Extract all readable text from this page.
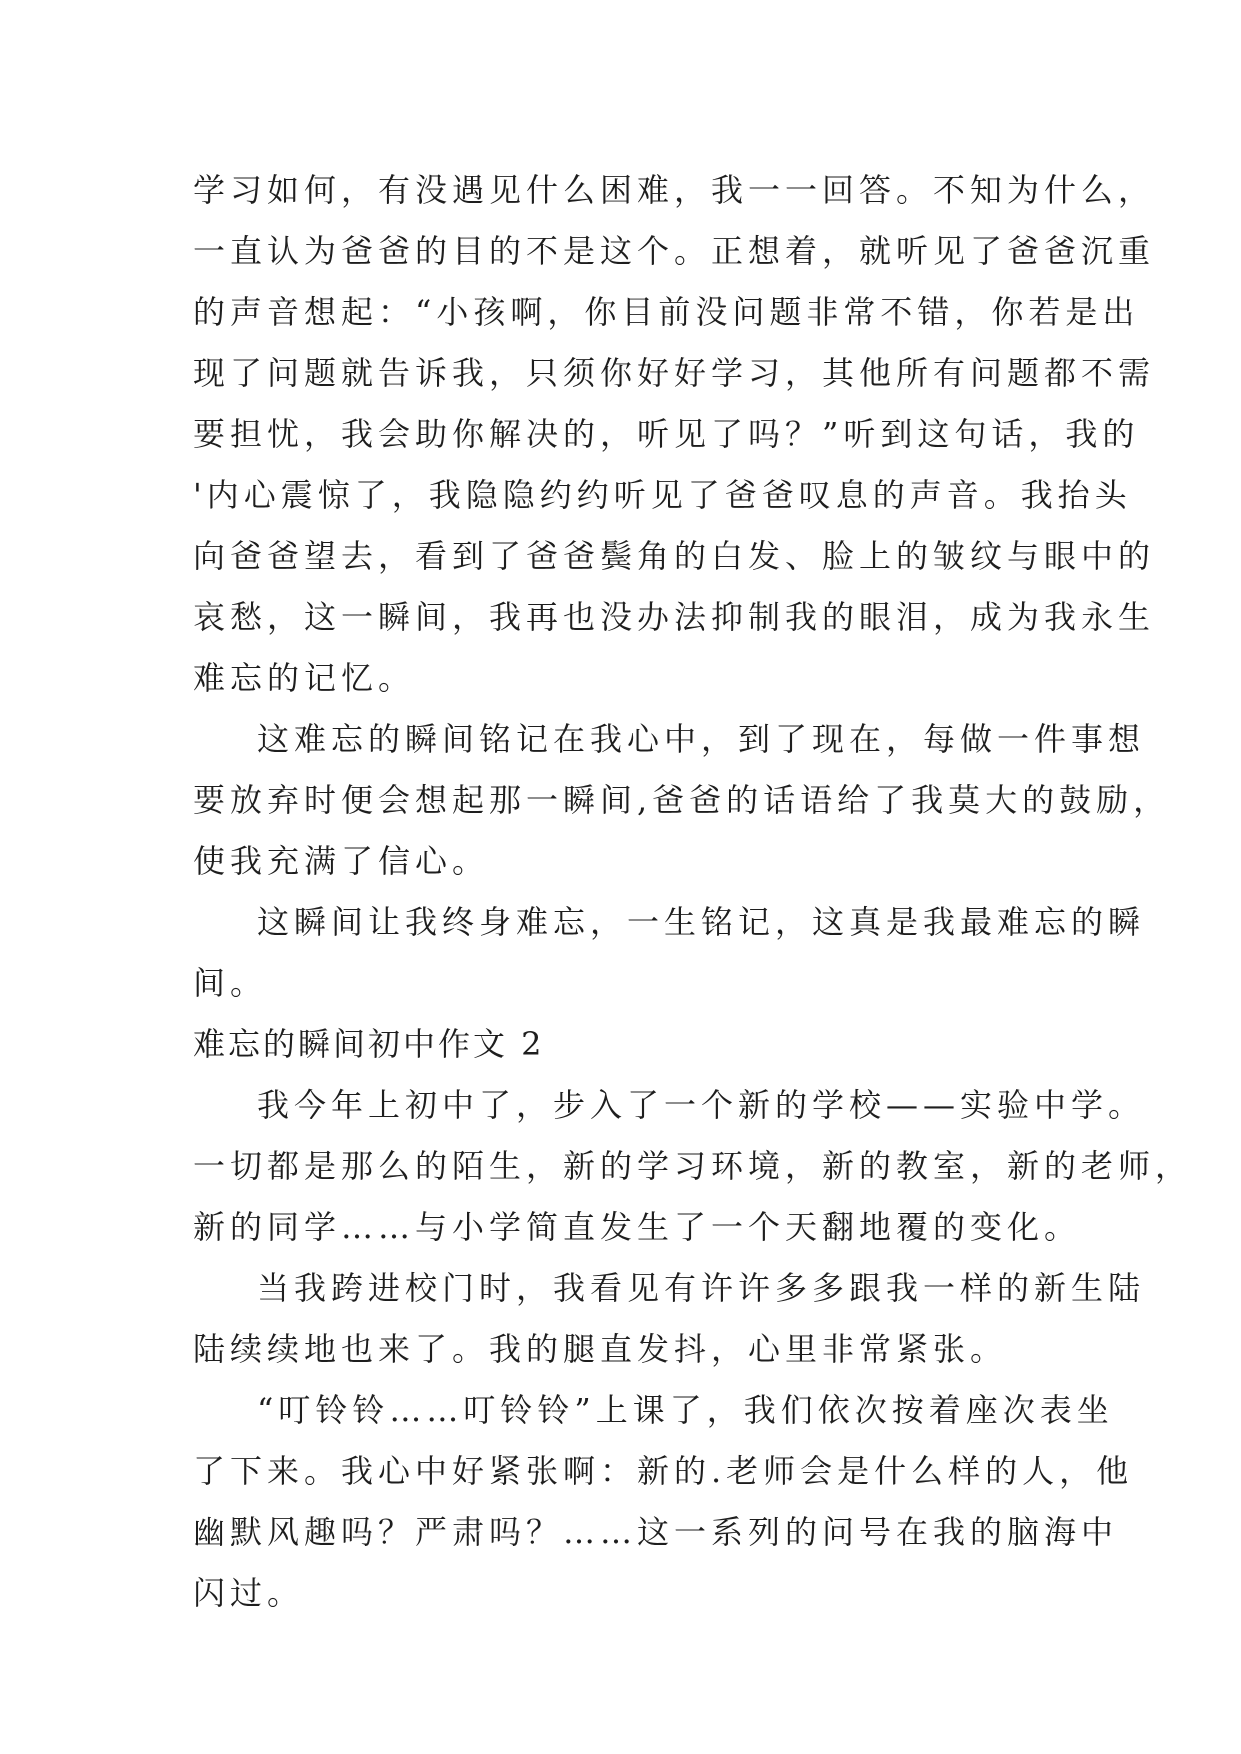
学习如何，有没遇见什么困难，我一一回答。不知为什么，
一直认为爸爸的目的不是这个。正想着，就听见了爸爸沉重
的声音想起：“小孩啊，你目前没问题非常不错，你若是出
现了问题就告诉我，只须你好好学习，其他所有问题都不需
要担忧，我会助你解决的，听见了吗？”听到这句话，我的
'内心震惊了，我隐隐约约听见了爸爸叹息的声音。我抬头
向爸爸望去，看到了爸爸鬓角的白发、脸上的皱纹与眼中的
哀愁，这一瞬间，我再也没办法抑制我的眼泪，成为我永生
难忘的记忆。
这难忘的瞬间铭记在我心中，到了现在，每做一件事想
要放弃时便会想起那一瞬间,爸爸的话语给了我莫大的鼓励，
使我充满了信心。
这瞬间让我终身难忘，一生铭记，这真是我最难忘的瞬
间。
难忘的瞬间初中作文 2
我今年上初中了，步入了一个新的学校——实验中学。
一切都是那么的陌生，新的学习环境，新的教室，新的老师，
新的同学……与小学简直发生了一个天翻地覆的变化。
当我跨进校门时，我看见有许许多多跟我一样的新生陆
陆续续地也来了。我的腿直发抖，心里非常紧张。
“叮铃铃……叮铃铃”上课了，我们依次按着座次表坐
了下来。我心中好紧张啊：新的.老师会是什么样的人，他
幽默风趣吗？严肃吗？……这一系列的问号在我的脑海中
闪过。
